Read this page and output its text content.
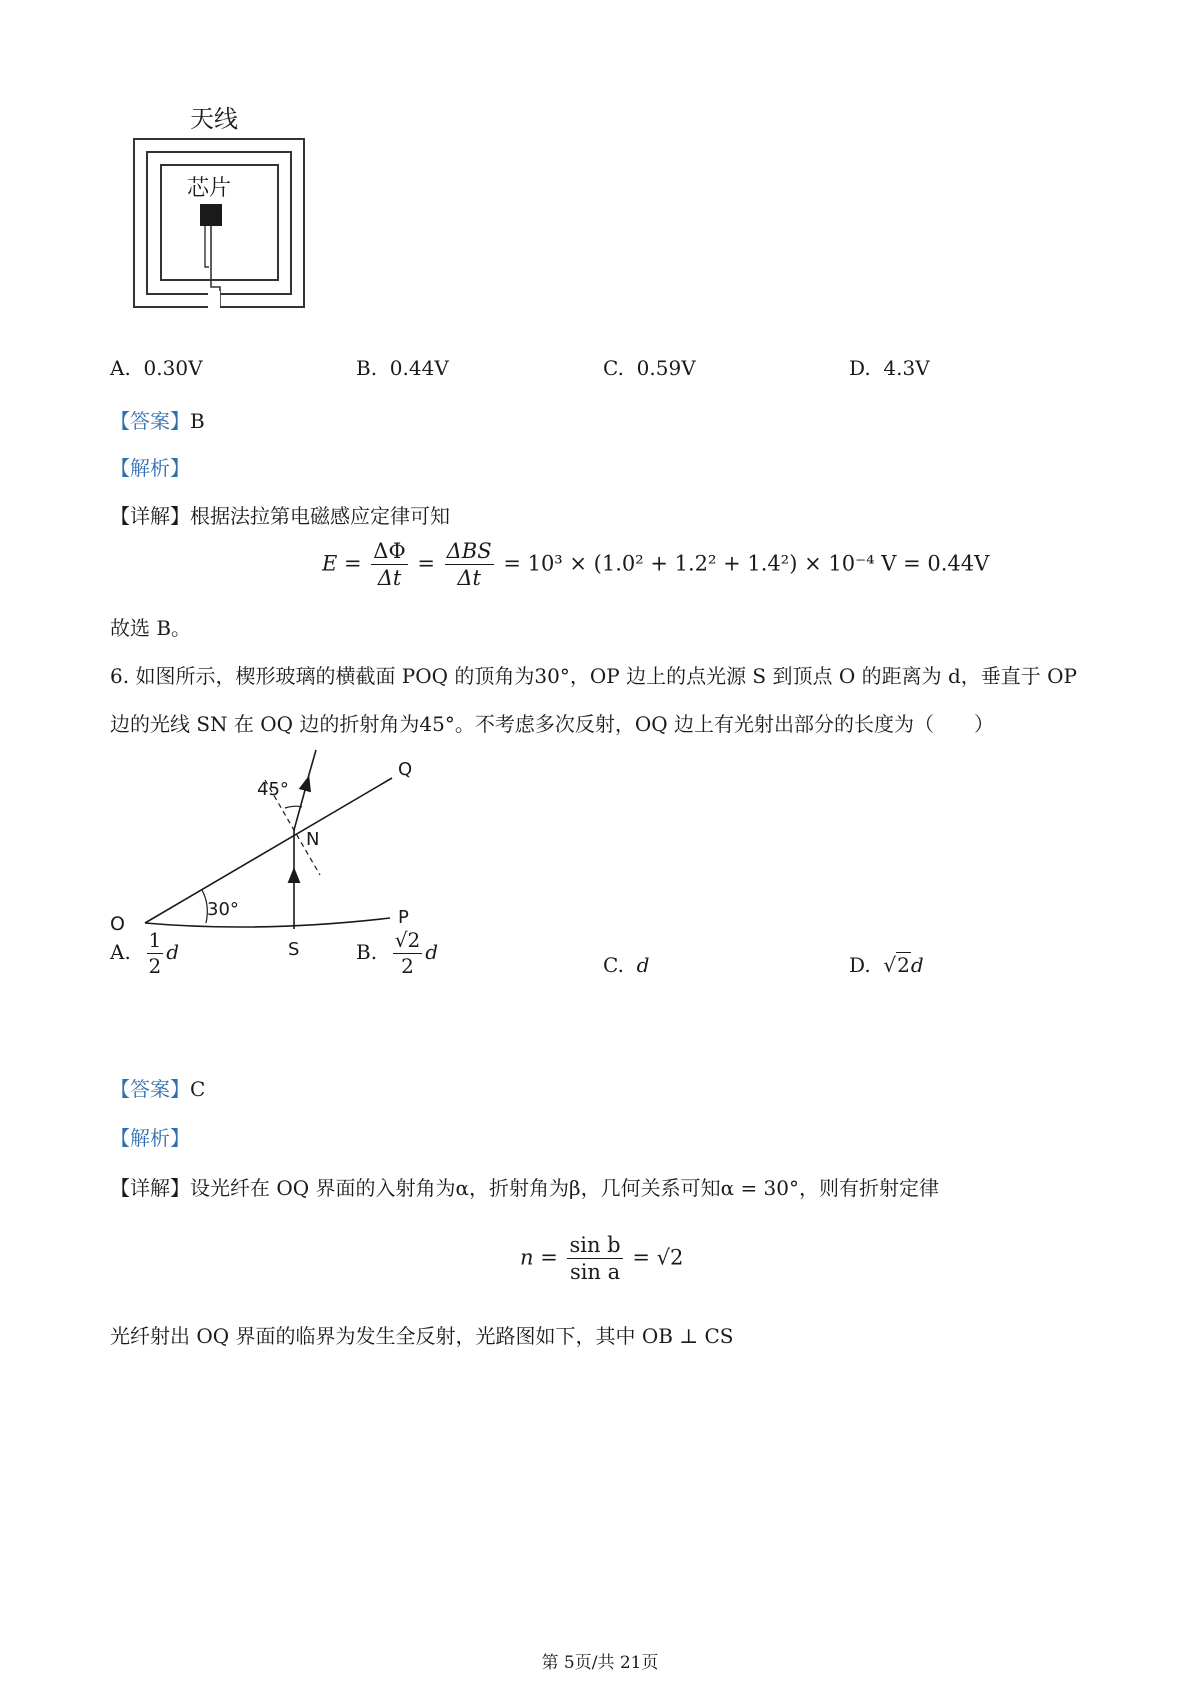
天线
芯片
A. 0.30V	B. 0.44V	C. 0.59V	D. 4.3V
【答案】B
【解析】
【详解】根据法拉第电磁感应定律可知
$E = \frac{\Delta\Phi}{\Delta t} = \frac{\text{ΔBS}}{\Delta t} = 10^3 \times (1.0^2 + 1.2^2 + 1.4^2) \times 10^{-4}$ V = 0.44V
故选 B。
6. 如图所示，楔形玻璃的横截面 POQ 的顶角为30°，OP 边上的点光源 S 到顶点 O 的距离为 d，垂直于 OP
边的光线 SN 在 OQ 边的折射角为45°。不考虑多次反射，OQ 边上有光射出部分的长度为（　　）
O	P
Q
S
N
30°
45°
A. $\frac{1}{2}$ d	B. $\frac{√2}{2}$ d
C. d	D.  √2d
【答案】C
【解析】
【详解】设光纤在 OQ 界面的入射角为α，折射角为β，几何关系可知α = 30°，则有折射定律
$n = \frac{\text{sin b}}{\text{sin a}} = √2$
光纤射出 OQ 界面的临界为发生全反射，光路图如下，其中 OB ⊥ CS
第 5页/共 21页
